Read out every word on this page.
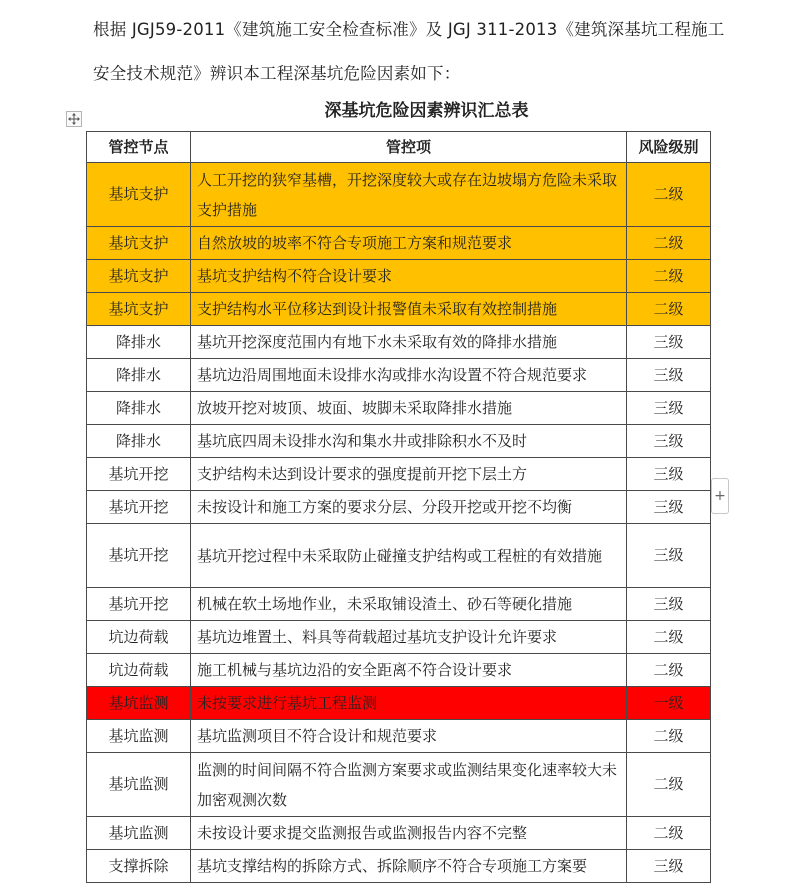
根据 JGJ59-2011《建筑施工安全检查标准》及 JGJ 311-2013《建筑深基坑工程施工安全技术规范》辨识本工程深基坑危险因素如下：

深基坑危险因素辨识汇总表

管控节点	管控项	风险级别
基坑支护	人工开挖的狭窄基槽，开挖深度较大或存在边坡塌方危险未采取支护措施	二级
基坑支护	自然放坡的坡率不符合专项施工方案和规范要求	二级
基坑支护	基坑支护结构不符合设计要求	二级
基坑支护	支护结构水平位移达到设计报警值未采取有效控制措施	二级
降排水	基坑开挖深度范围内有地下水未采取有效的降排水措施	三级
降排水	基坑边沿周围地面未设排水沟或排水沟设置不符合规范要求	三级
降排水	放坡开挖对坡顶、坡面、坡脚未采取降排水措施	三级
降排水	基坑底四周未设排水沟和集水井或排除积水不及时	三级
基坑开挖	支护结构未达到设计要求的强度提前开挖下层土方	三级
基坑开挖	未按设计和施工方案的要求分层、分段开挖或开挖不均衡	三级
基坑开挖	基坑开挖过程中未采取防止碰撞支护结构或工程桩的有效措施	三级
基坑开挖	机械在软土场地作业，未采取铺设渣土、砂石等硬化措施	三级
坑边荷载	基坑边堆置土、料具等荷载超过基坑支护设计允许要求	二级
坑边荷载	施工机械与基坑边沿的安全距离不符合设计要求	二级
基坑监测	未按要求进行基坑工程监测	一级
基坑监测	基坑监测项目不符合设计和规范要求	二级
基坑监测	监测的时间间隔不符合监测方案要求或监测结果变化速率较大未加密观测次数	二级
基坑监测	未按设计要求提交监测报告或监测报告内容不完整	二级
支撑拆除	基坑支撑结构的拆除方式、拆除顺序不符合专项施工方案要	三级
+
